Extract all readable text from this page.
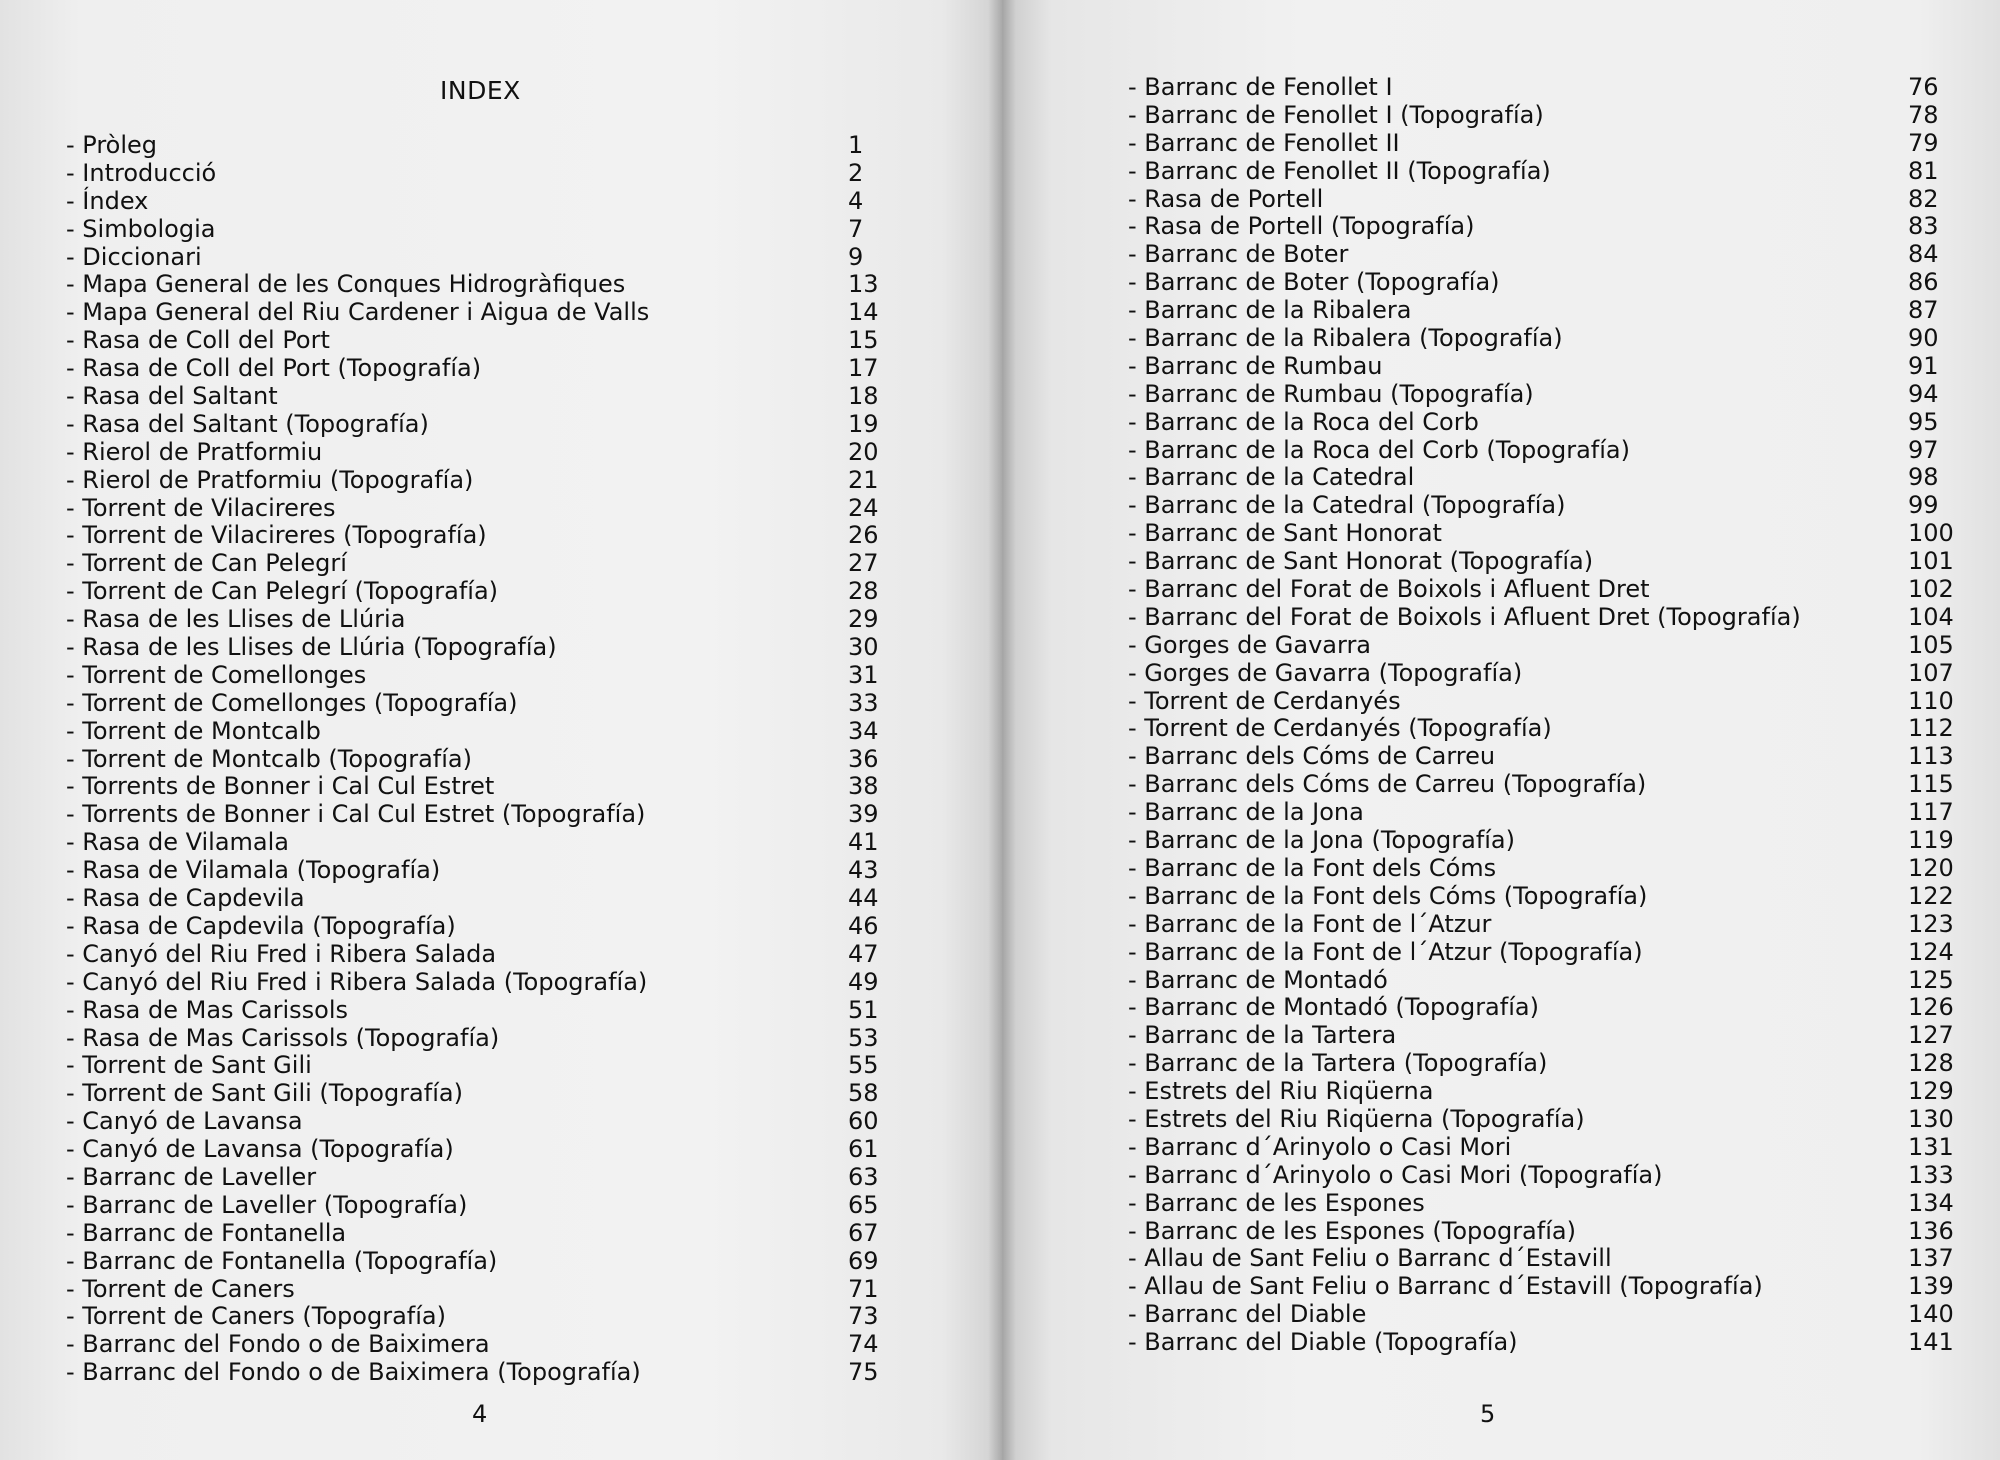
INDEX
- Pròleg	1
- Introducció	2
- Índex	4
- Simbologia	7
- Diccionari	9
- Mapa General de les Conques Hidrogràfiques	13
- Mapa General del Riu Cardener i Aigua de Valls	14
- Rasa de Coll del Port	15
- Rasa de Coll del Port (Topografía)	17
- Rasa del Saltant	18
- Rasa del Saltant (Topografía)	19
- Rierol de Pratformiu	20
- Rierol de Pratformiu (Topografía)	21
- Torrent de Vilacireres	24
- Torrent de Vilacireres (Topografía)	26
- Torrent de Can Pelegrí	27
- Torrent de Can Pelegrí (Topografía)	28
- Rasa de les Llises de Llúria	29
- Rasa de les Llises de Llúria (Topografía)	30
- Torrent de Comellonges	31
- Torrent de Comellonges (Topografía)	33
- Torrent de Montcalb	34
- Torrent de Montcalb (Topografía)	36
- Torrents de Bonner i Cal Cul Estret	38
- Torrents de Bonner i Cal Cul Estret (Topografía)	39
- Rasa de Vilamala	41
- Rasa de Vilamala (Topografía)	43
- Rasa de Capdevila	44
- Rasa de Capdevila (Topografía)	46
- Canyó del Riu Fred i Ribera Salada	47
- Canyó del Riu Fred i Ribera Salada (Topografía)	49
- Rasa de Mas Carissols	51
- Rasa de Mas Carissols (Topografía)	53
- Torrent de Sant Gili	55
- Torrent de Sant Gili (Topografía)	58
- Canyó de Lavansa	60
- Canyó de Lavansa (Topografía)	61
- Barranc de Laveller	63
- Barranc de Laveller (Topografía)	65
- Barranc de Fontanella	67
- Barranc de Fontanella (Topografía)	69
- Torrent de Caners	71
- Torrent de Caners (Topografía)	73
- Barranc del Fondo o de Baiximera	74
- Barranc del Fondo o de Baiximera (Topografía)	75
4	5
- Barranc de Fenollet I	76
- Barranc de Fenollet I (Topografía)	78
- Barranc de Fenollet II	79
- Barranc de Fenollet II (Topografía)	81
- Rasa de Portell	82
- Rasa de Portell (Topografía)	83
- Barranc de Boter	84
- Barranc de Boter (Topografía)	86
- Barranc de la Ribalera	87
- Barranc de la Ribalera (Topografía)	90
- Barranc de Rumbau	91
- Barranc de Rumbau (Topografía)	94
- Barranc de la Roca del Corb	95
- Barranc de la Roca del Corb (Topografía)	97
- Barranc de la Catedral	98
- Barranc de la Catedral (Topografía)	99
- Barranc de Sant Honorat	100
- Barranc de Sant Honorat (Topografía)	101
- Barranc del Forat de Boixols i Afluent Dret	102
- Barranc del Forat de Boixols i Afluent Dret (Topografía)	104
- Gorges de Gavarra	105
- Gorges de Gavarra (Topografía)	107
- Torrent de Cerdanyés	110
- Torrent de Cerdanyés (Topografía)	112
- Barranc dels Cóms de Carreu	113
- Barranc dels Cóms de Carreu (Topografía)	115
- Barranc de la Jona	117
- Barranc de la Jona (Topografía)	119
- Barranc de la Font dels Cóms	120
- Barranc de la Font dels Cóms (Topografía)	122
- Barranc de la Font de l´Atzur	123
- Barranc de la Font de l´Atzur (Topografía)	124
- Barranc de Montadó	125
- Barranc de Montadó (Topografía)	126
- Barranc de la Tartera	127
- Barranc de la Tartera (Topografía)	128
- Estrets del Riu Riqüerna	129
- Estrets del Riu Riqüerna (Topografía)	130
- Barranc d´Arinyolo o Casi Mori	131
- Barranc d´Arinyolo o Casi Mori (Topografía)	133
- Barranc de les Espones	134
- Barranc de les Espones (Topografía)	136
- Allau de Sant Feliu o Barranc d´Estavill	137
- Allau de Sant Feliu o Barranc d´Estavill (Topografía)	139
- Barranc del Diable	140
- Barranc del Diable (Topografía)	141
